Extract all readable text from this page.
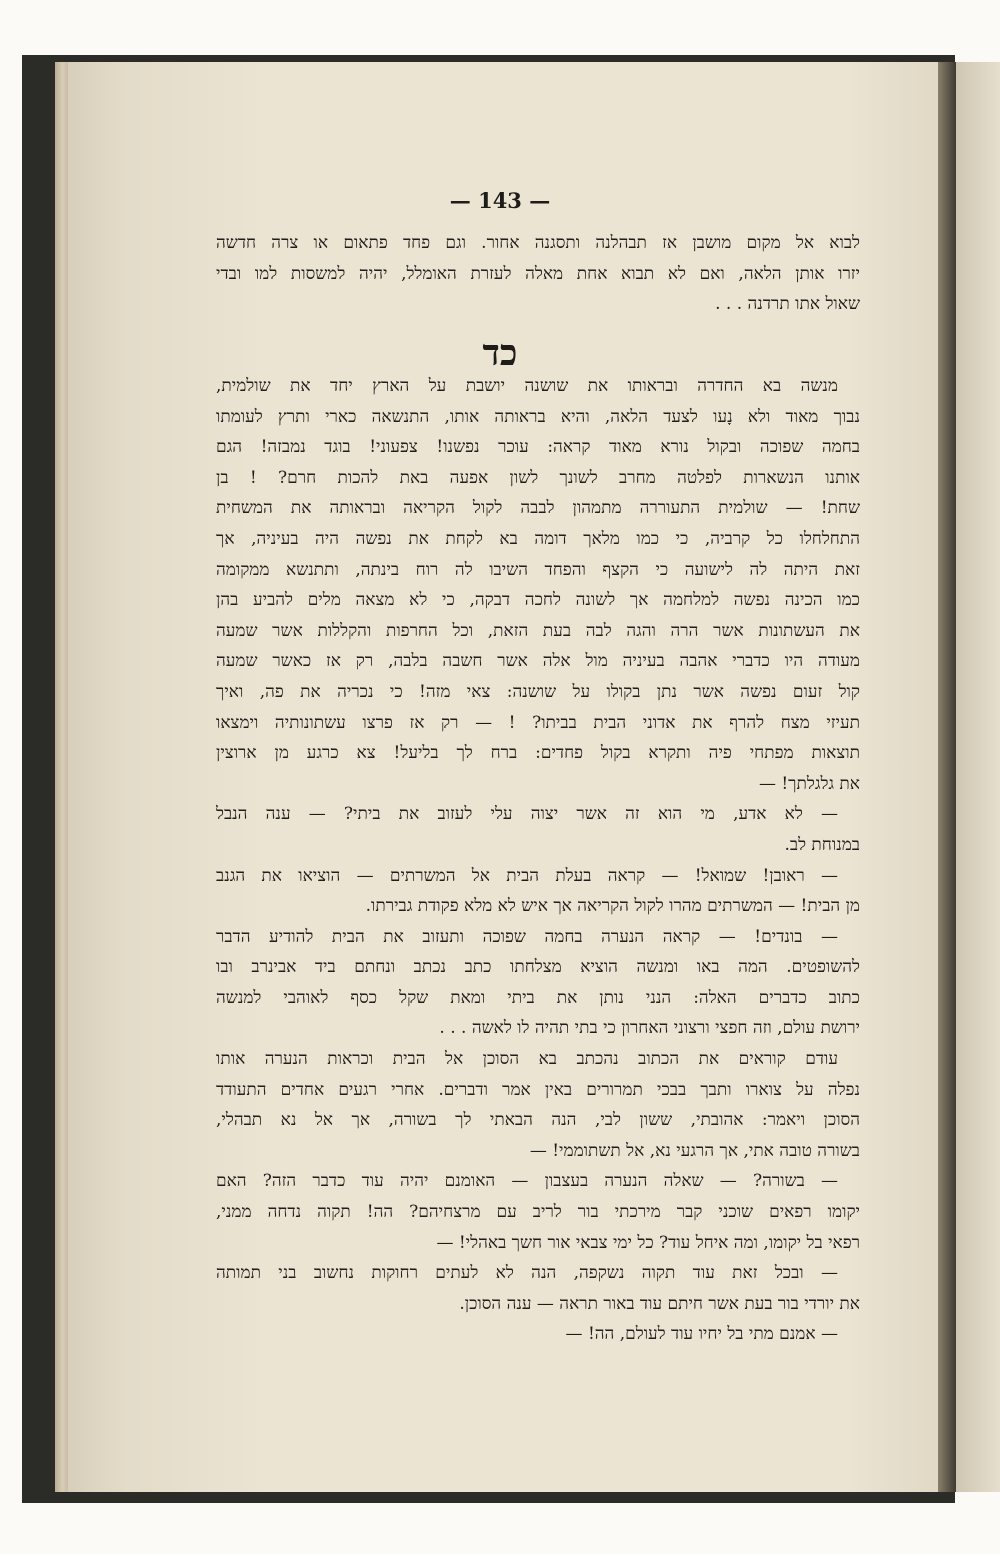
— 143 —
לבוא אל מקום מושבן אז תבהלנה ותסגנה אחור. וגם פחד פתאום או צרה חדשה
יזרו אותן הלאה, ואם לא תבוא אחת מאלה לעזרת האומלל, יהיה למשסות למו ובדי
שאול אתו תרדנה . . .
כד
מנשה בא החדרה ובראותו את שושנה יושבת על הארץ יחד את שולמית,
נבוך מאוד ולא נָעו לצעד הלאה, והיא בראותה אותו, התנשאה כארי ותרץ לעומתו
בחמה שפוכה ובקול נורא מאוד קראה: עוכר נפשנו! צפעוני! בוגד נמבזה! הגם
אותנו הנשארות לפלטה מחרב לשונך לשון אפעה באת להכות חרם? ! בן
שחת! — שולמית התעוררה מתמהון לבבה לקול הקריאה ובראותה את המשחית
התחלחלו כל קרביה, כי כמו מלאך דומה בא לקחת את נפשה היה בעיניה, אך
זאת היתה לה לישועה כי הקצף והפחד השיבו לה רוח בינתה, ותתנשא ממקומה
כמו הכינה נפשה למלחמה אך לשונה לחכה דבקה, כי לא מצאה מלים להביע בהן
את העשתונות אשר הרה והגה לבה בעת הזאת, וכל החרפות והקללות אשר שמעה
מעודה היו כדברי אהבה בעיניה מול אלה אשר חשבה בלבה, רק אז כאשר שמעה
קול זעום נפשה אשר נתן בקולו על שושנה: צאי מזה! כי נכריה את פה, ואיך
תעיזי מצח להרף את אדוני הבית בביתו? ! — רק אז פרצו עשתונותיה וימצאו
תוצאות מפתחי פיה ותקרא בקול פחדים: ברח לך בליעל! צא כרגע מן ארוצין
את גלגלתך! —
— לא אדע, מי הוא זה אשר יצוה עלי לעזוב את ביתי? — ענה הנבל
במנוחת לב.
— ראובן! שמואל! — קראה בעלת הבית אל המשרתים — הוציאו את הגנב
מן הבית! — המשרתים מהרו לקול הקריאה אך איש לא מלא פקודת גבירתו.
— בונדים! — קראה הנערה בחמה שפוכה ותעזוב את הבית להודיע הדבר
להשופטים. המה באו ומנשה הוציא מצלחתו כתב נכתב ונחתם ביד אבינרב ובו
כתוב כדברים האלה: הנני נותן את ביתי ומאת שקל כסף לאוהבי למנשה
ירושת עולם, וזה חפצי ורצוני האחרון כי בתי תהיה לו לאשה . . .
עודם קוראים את הכתוב נהכתב בא הסוכן אל הבית וכראות הנערה אותו
נפלה על צוארו ותבך בבכי תמרורים באין אמר ודברים. אחרי רגעים אחדים התעודד
הסוכן ויאמר: אהובתי, ששון לבי, הנה הבאתי לך בשורה, אך אל נא תבהלי,
בשורה טובה אתי, אך הרגעי נא, אל תשתוממי! —
— בשורה? — שאלה הנערה בעצבון — האומנם יהיה עוד כדבר הזה? האם
יקומו רפאים שוכני קבר מירכתי בור לריב עם מרצחיהם? הה! תקוה נדחה ממני,
רפאי בל יקומו, ומה איחל עוד? כל ימי צבאי אור חשך באהלי! —
— ובכל זאת עוד תקוה נשקפה, הנה לא לעתים רחוקות נחשוב בני תמותה
את יורדי בור בעת אשר חיתם עוד באור תראה — ענה הסוכן.
— אמנם מתי בל יחיו עוד לעולם, הה! —
